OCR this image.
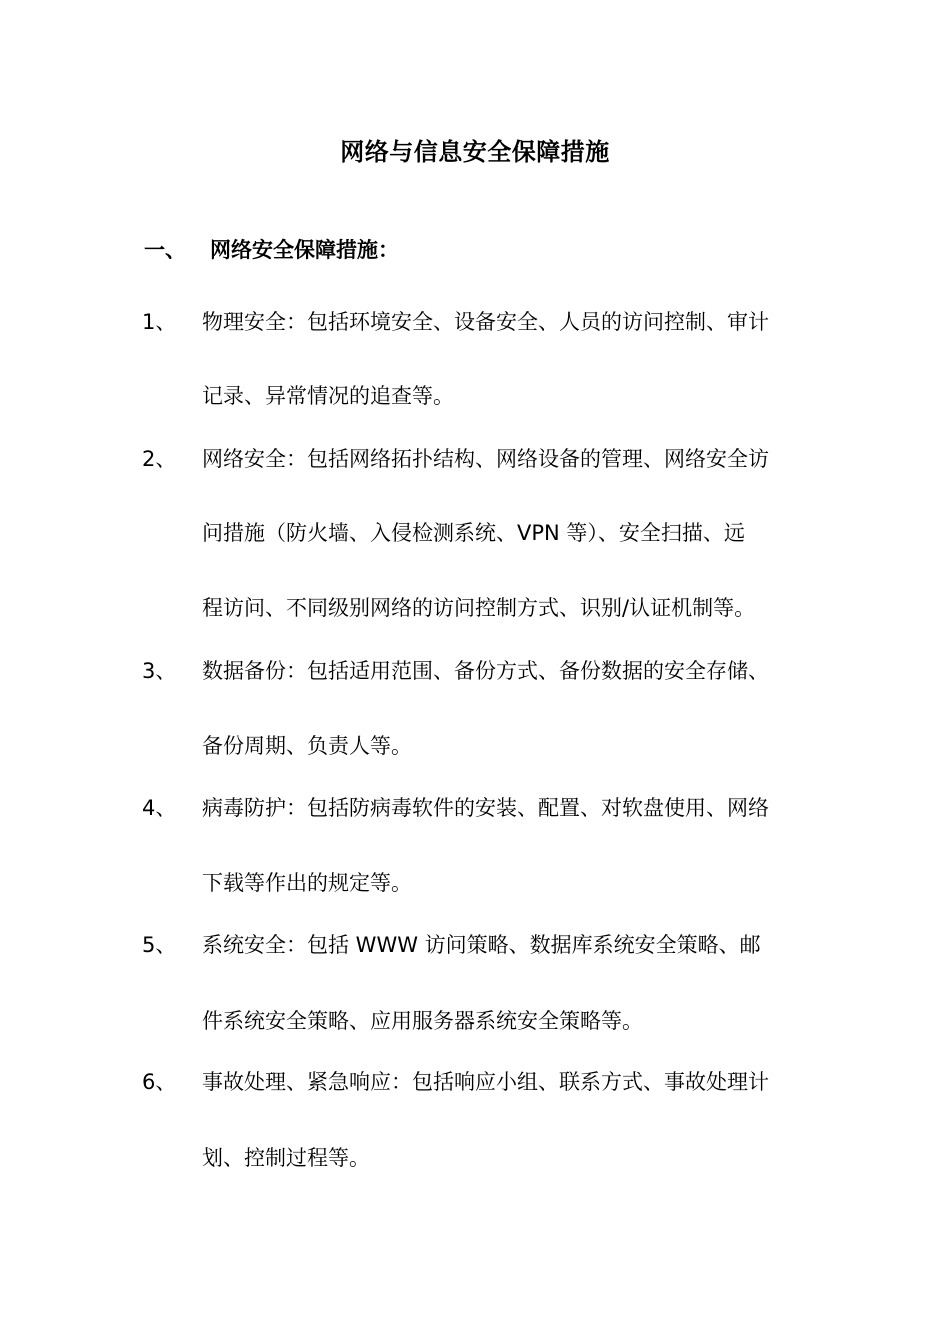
网络与信息安全保障措施
一、 网络安全保障措施：
1、 物理安全：包括环境安全、设备安全、人员的访问控制、审计
记录、异常情况的追查等。
2、 网络安全：包括网络拓扑结构、网络设备的管理、网络安全访
问措施（防火墙、入侵检测系统、VPN 等）、安全扫描、远
程访问、不同级别网络的访问控制方式、识别/认证机制等。
3、 数据备份：包括适用范围、备份方式、备份数据的安全存储、
备份周期、负责人等。
4、 病毒防护：包括防病毒软件的安装、配置、对软盘使用、网络
下载等作出的规定等。
5、 系统安全：包括 WWW 访问策略、数据库系统安全策略、邮
件系统安全策略、应用服务器系统安全策略等。
6、 事故处理、紧急响应：包括响应小组、联系方式、事故处理计
划、控制过程等。
